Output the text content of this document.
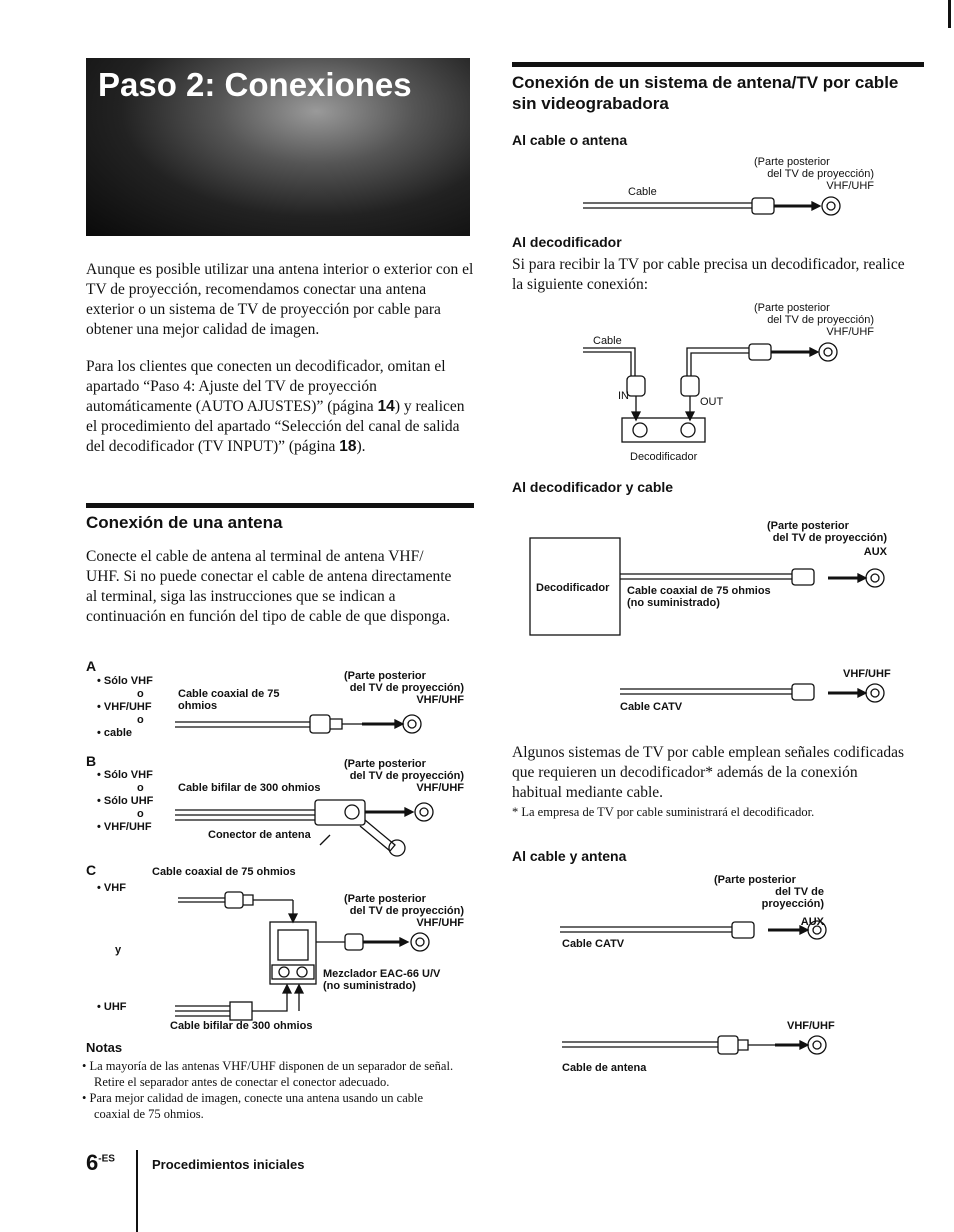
Paso 2: Conexiones
Aunque es posible utilizar una antena interior o exterior con el TV de proyección, recomendamos conectar una antena exterior o un sistema de TV de proyección por cable para obtener una mejor calidad de imagen.
Para los clientes que conecten un decodificador, omitan el apartado “Paso 4: Ajuste del TV de proyección automáticamente (AUTO AJUSTES)” (página 14) y realicen el procedimiento del apartado “Selección del canal de salida del decodificador (TV INPUT)” (página 18).
Conexión de una antena
Conecte el cable de antena al terminal de antena VHF/ UHF. Si no puede conectar el cable de antena directamente al terminal, siga las instrucciones que se indican a continuación en función del tipo de cable de que disponga.
A
• Sólo VHF
o
• VHF/UHF
o
• cable
Cable coaxial de 75 ohmios
(Parte posterior
del TV de proyección)
VHF/UHF
B
• Sólo VHF
o
• Sólo UHF
o
• VHF/UHF
Cable bifilar de 300 ohmios
Conector de antena
(Parte posterior
del TV de proyección)
VHF/UHF
C	Cable coaxial de 75 ohmios
• VHF
y
• UHF
Cable bifilar de 300 ohmios
(Parte posterior
del TV de proyección)
VHF/UHF
Mezclador EAC-66 U/V
(no suministrado)
Notas
• La mayoría de las antenas VHF/UHF disponen de un separador de señal. Retire el separador antes de conectar el conector adecuado.
• Para mejor calidad de imagen, conecte una antena usando un cable coaxial de 75 ohmios.
$6^{-ES}$	Procedimientos iniciales
Conexión de un sistema de antena/TV por cable sin videograbadora
Al cable o antena
(Parte posterior
del TV de proyección)
VHF/UHF
Cable
Al decodificador
Si para recibir la TV por cable precisa un decodificador, realice la siguiente conexión:
(Parte posterior
del TV de proyección)
VHF/UHF
Cable
IN	OUT
Decodificador
Al decodificador y cable
(Parte posterior
del TV de proyección)
AUX
Decodificador Cable coaxial de 75 ohmios
(no suministrado)
VHF/UHF
Cable CATV
Algunos sistemas de TV por cable emplean señales codificadas que requieren un decodificador* además de la conexión habitual mediante cable.
* La empresa de TV por cable suministrará el decodificador.
Al cable y antena
(Parte posterior
del TV de proyección)
AUX
Cable CATV
VHF/UHF
Cable de antena
